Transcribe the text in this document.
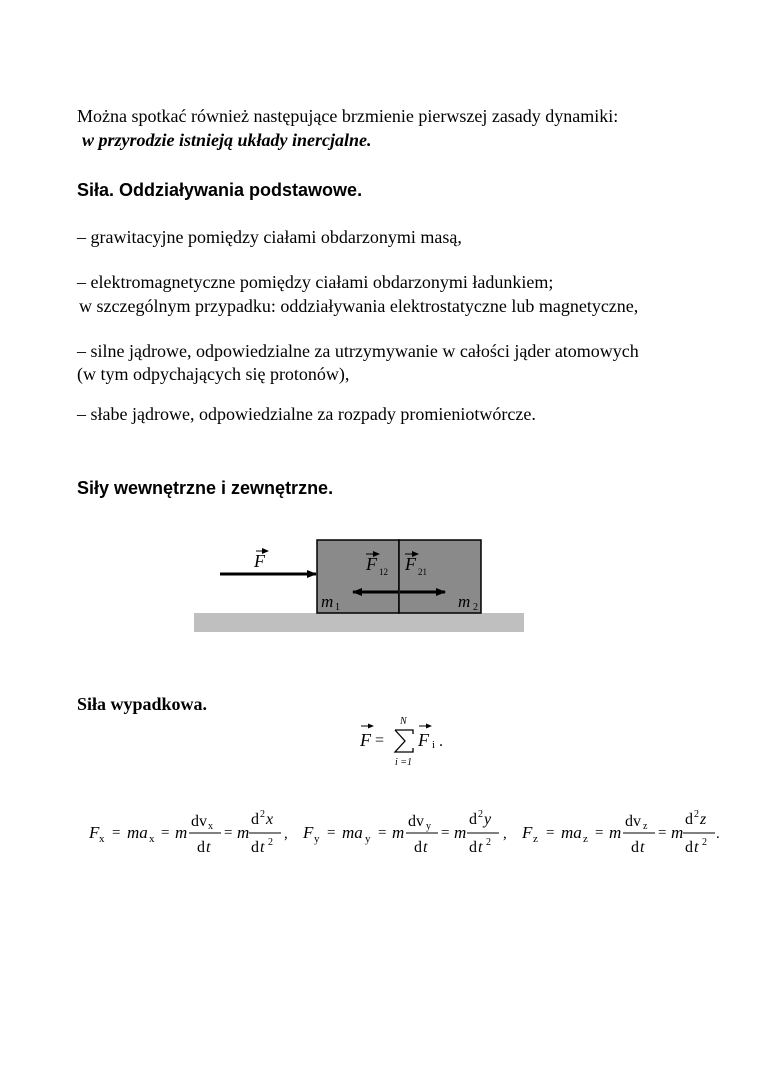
Można spotkać również następujące brzmienie pierwszej zasady dynamiki:
w przyrodzie istnieją układy inercjalne.
Siła. Oddziaływania podstawowe.
– grawitacyjne pomiędzy ciałami obdarzonymi masą,
– elektromagnetyczne pomiędzy ciałami obdarzonymi ładunkiem;
w szczególnym przypadku: oddziaływania elektrostatyczne lub magnetyczne,
– silne jądrowe, odpowiedzialne za utrzymywanie w całości jąder atomowych
(w tym odpychających się protonów),
– słabe jądrowe, odpowiedzialne za rozpady promieniotwórcze.
Siły wewnętrzne i zewnętrzne.
F	F 12 F 21
m 1	m 2
Siła wypadkowa.
F =
N
i =1
F i .
F x = ma x = m
dv x
d t
= m
d 2 x
d t 2
, F y = ma y = m
dv y
d t
= m
d 2 y
d t 2
, F z = ma z = m
dv z
d t
= m
d 2 z
d t 2
.
